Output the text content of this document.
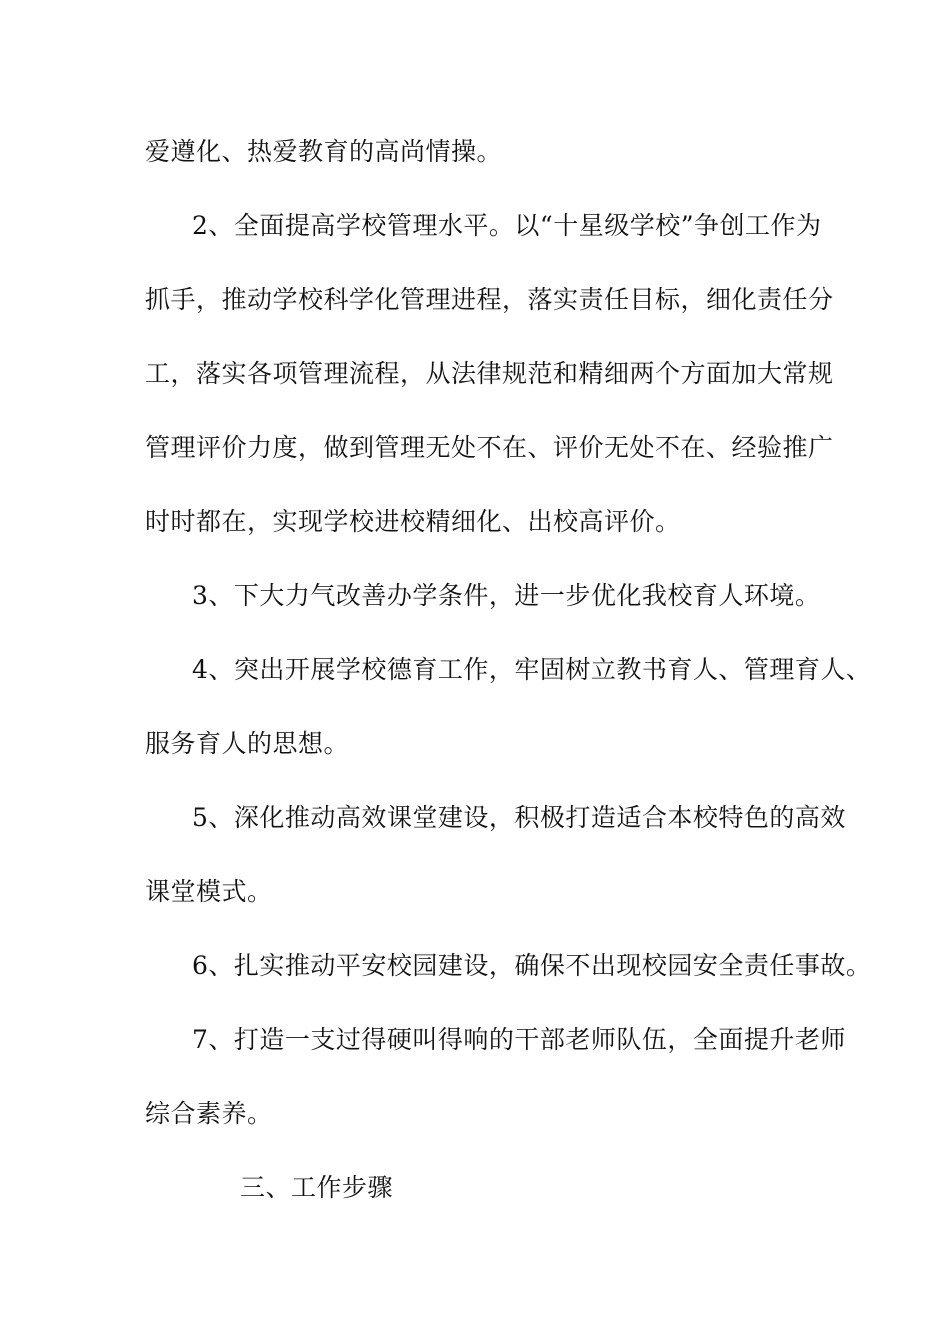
爱遵化、热爱教育的高尚情操。
2、全面提高学校管理水平。以“十星级学校”争创工作为
抓手，推动学校科学化管理进程，落实责任目标，细化责任分
工，落实各项管理流程，从法律规范和精细两个方面加大常规
管理评价力度，做到管理无处不在、评价无处不在、经验推广
时时都在，实现学校进校精细化、出校高评价。
3、下大力气改善办学条件，进一步优化我校育人环境。
4、突出开展学校德育工作，牢固树立教书育人、管理育人、
服务育人的思想。
5、深化推动高效课堂建设，积极打造适合本校特色的高效
课堂模式。
6、扎实推动平安校园建设，确保不出现校园安全责任事故。
7、打造一支过得硬叫得响的干部老师队伍，全面提升老师
综合素养。
三、工作步骤
